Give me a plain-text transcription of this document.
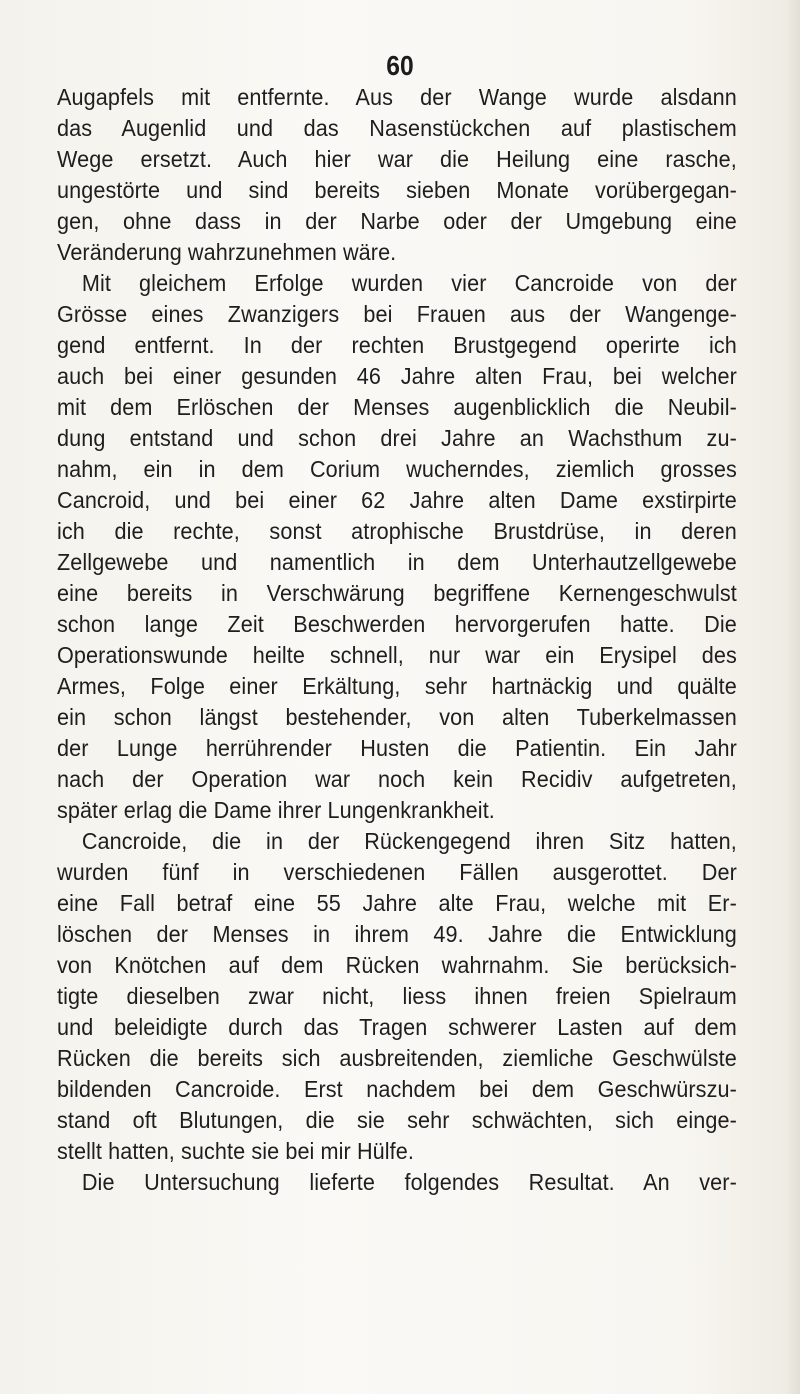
60
Augapfels mit entfernte. Aus der Wange wurde alsdann
das Augenlid und das Nasenstückchen auf plastischem
Wege ersetzt. Auch hier war die Heilung eine rasche,
ungestörte und sind bereits sieben Monate vorübergegan-
gen, ohne dass in der Narbe oder der Umgebung eine
Veränderung wahrzunehmen wäre.
Mit gleichem Erfolge wurden vier Cancroide von der
Grösse eines Zwanzigers bei Frauen aus der Wangenge-
gend entfernt. In der rechten Brustgegend operirte ich
auch bei einer gesunden 46 Jahre alten Frau, bei welcher
mit dem Erlöschen der Menses augenblicklich die Neubil-
dung entstand und schon drei Jahre an Wachsthum zu-
nahm, ein in dem Corium wucherndes, ziemlich grosses
Cancroid, und bei einer 62 Jahre alten Dame exstirpirte
ich die rechte, sonst atrophische Brustdrüse, in deren
Zellgewebe und namentlich in dem Unterhautzellgewebe
eine bereits in Verschwärung begriffene Kernengeschwulst
schon lange Zeit Beschwerden hervorgerufen hatte. Die
Operationswunde heilte schnell, nur war ein Erysipel des
Armes, Folge einer Erkältung, sehr hartnäckig und quälte
ein schon längst bestehender, von alten Tuberkelmassen
der Lunge herrührender Husten die Patientin. Ein Jahr
nach der Operation war noch kein Recidiv aufgetreten,
später erlag die Dame ihrer Lungenkrankheit.
Cancroide, die in der Rückengegend ihren Sitz hatten,
wurden fünf in verschiedenen Fällen ausgerottet. Der
eine Fall betraf eine 55 Jahre alte Frau, welche mit Er-
löschen der Menses in ihrem 49. Jahre die Entwicklung
von Knötchen auf dem Rücken wahrnahm. Sie berücksich-
tigte dieselben zwar nicht, liess ihnen freien Spielraum
und beleidigte durch das Tragen schwerer Lasten auf dem
Rücken die bereits sich ausbreitenden, ziemliche Geschwülste
bildenden Cancroide. Erst nachdem bei dem Geschwürszu-
stand oft Blutungen, die sie sehr schwächten, sich einge-
stellt hatten, suchte sie bei mir Hülfe.
Die Untersuchung lieferte folgendes Resultat. An ver-
